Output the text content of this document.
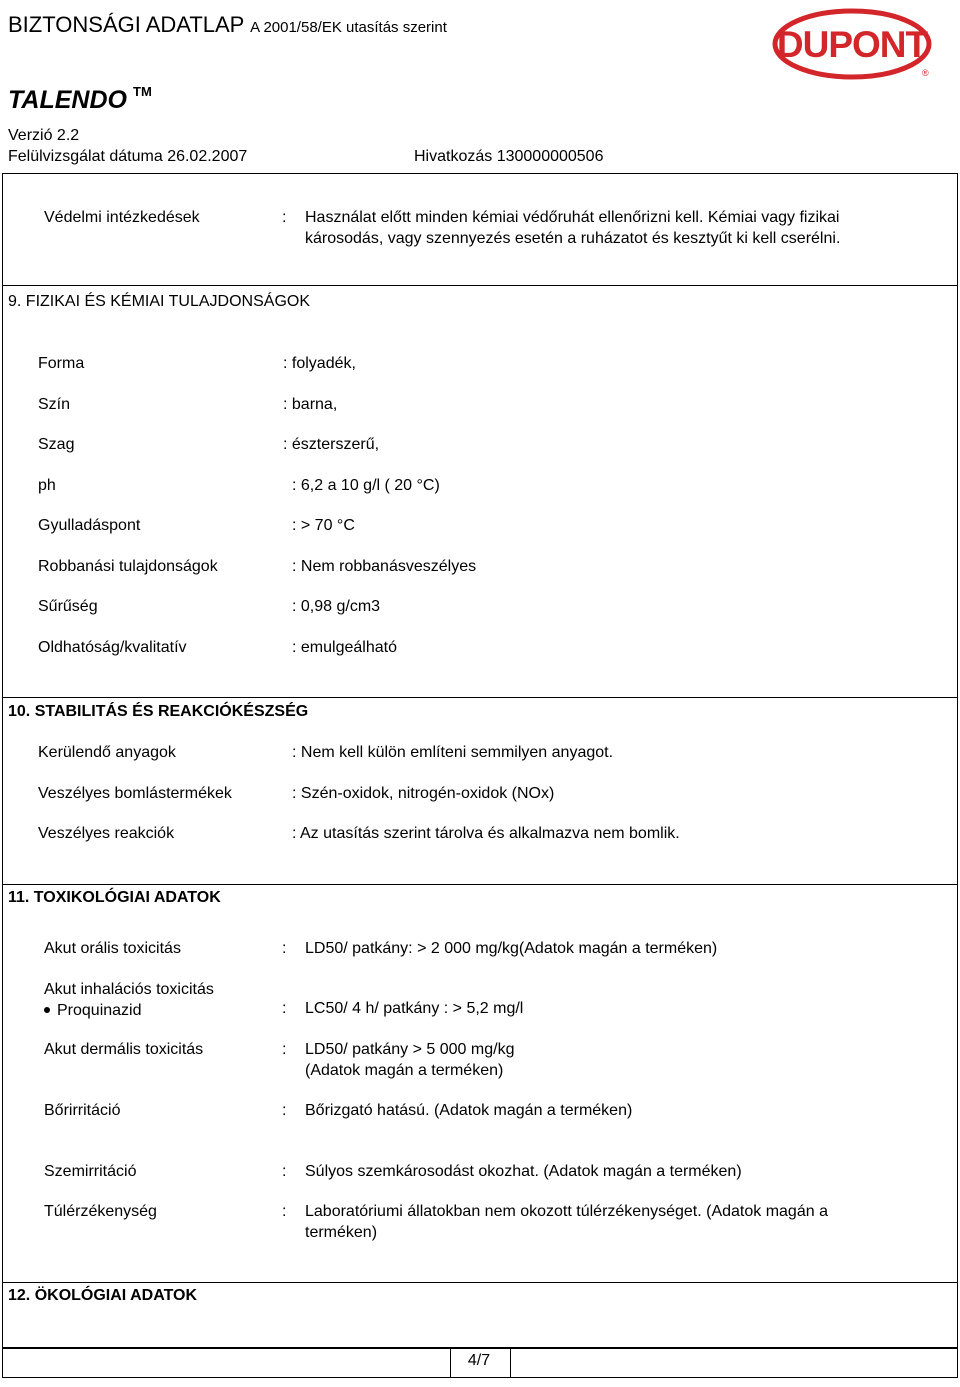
BIZTONSÁGI ADATLAP A 2001/58/EK utasítás szerint	DUPONT
®
TALENDO TM
Verzió 2.2
Felülvizsgálat dátuma 26.02.2007	Hivatkozás 130000000506
Védelmi intézkedések	: Használat előtt minden kémiai védőruhát ellenőrizni kell. Kémiai vagy fizikai
károsodás, vagy szennyezés esetén a ruházatot és kesztyűt ki kell cserélni.
9. FIZIKAI ÉS KÉMIAI TULAJDONSÁGOK
Forma	: folyadék,
Szín	: barna,
Szag	: észterszerű,
ph	: 6,2 a 10 g/l ( 20 °C)
Gyulladáspont	: > 70 °C
Robbanási tulajdonságok	: Nem robbanásveszélyes
Sűrűség	: 0,98 g/cm3
Oldhatóság/kvalitatív	: emulgeálható
10. STABILITÁS ÉS REAKCIÓKÉSZSÉG
Kerülendő anyagok	: Nem kell külön említeni semmilyen anyagot.
Veszélyes bomlástermékek	: Szén-oxidok, nitrogén-oxidok (NOx)
Veszélyes reakciók	: Az utasítás szerint tárolva és alkalmazva nem bomlik.
11. TOXIKOLÓGIAI ADATOK
Akut orális toxicitás	: LD50/ patkány: > 2 000 mg/kg(Adatok magán a terméken)
Akut inhalációs toxicitás
Proquinazid	: LC50/ 4 h/ patkány : > 5,2 mg/l
Akut dermális toxicitás	: LD50/ patkány > 5 000 mg/kg
(Adatok magán a terméken)
Bőrirritáció	: Bőrizgató hatású. (Adatok magán a terméken)
Szemirritáció	: Súlyos szemkárosodást okozhat. (Adatok magán a terméken)
Túlérzékenység	: Laboratóriumi állatokban nem okozott túlérzékenységet. (Adatok magán a
terméken)
12. ÖKOLÓGIAI ADATOK
4/7
